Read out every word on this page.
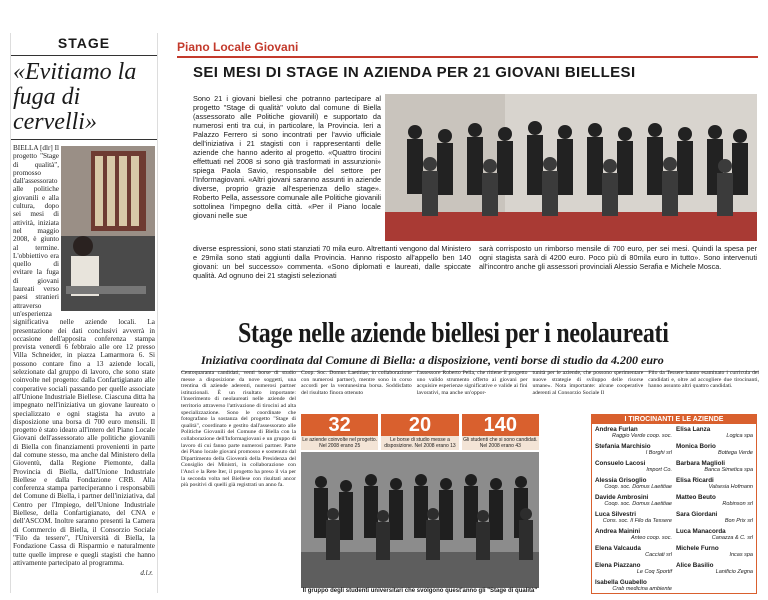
STAGE
«Evitiamo la fuga di cervelli»
BIELLA [dlr] Il progetto "Stage di qualità", promosso dall'assessorato alle politiche giovanili e alla cultura, dopo sei mesi di attività, iniziata nel maggio 2008, è giunto al termine. L'obbiettivo era quello di evitare la fuga di giovani laureati verso paesi stranieri attraverso un'esperienza significativa nelle aziende locali. La presentazione dei dati conclusivi avverrà in occasione dell'apposita conferenza stampa prevista venerdì 6 febbraio alle ore 12 presso Villa Schneider, in piazza Lamarmora 6. Si possono contare fino a 13 aziende locali, selezionate dal gruppo di lavoro, che sono state coinvolte nel progetto: dalla Confartigianato alle cooperative sociali passando per quelle associate all'Unione Industriale Biellese. Ciascuna ditta ha impegnato nell'iniziativa un giovane laureato o specializzato e ogni stagista ha avuto a disposizione una borsa di 700 euro mensili. Il progetto è stato ideato all'intero del Piano Locale Giovani dell'assessorato alle politiche giovanili di Biella con finanziamenti provenienti in parte dal comune stesso, ma anche dal Ministero della Gioventù, dalla Regione Piemonte, dalla Provincia di Biella, dall'Unione Industriale Biellese e dalla Fondazione CRB. Alla conferenza stampa parteciperanno i responsabili del Comune di Biella, i partner dell'iniziativa, dal Centro per l'Impiego, dell'Unione Industriale Biellese, della Confartigianato, del CNA e dell'ASCOM. Inoltre saranno presenti la Camera di Commercio di Biella, il Consorzio Sociale "Filo da tessere", l'Università di Biella, la Fondazione Cassa di Risparmio e naturalmente tutte quelle imprese e quegli stagisti che hanno attivamente partecipato al programma.
d.l.r.
Piano Locale Giovani
SEI MESI DI STAGE IN AZIENDA PER 21 GIOVANI BIELLESI
Sono 21 i giovani biellesi che potranno partecipare al progetto "Stage di qualità" voluto dal comune di Biella (assessorato alle Politiche giovanili) e supportato da numerosi enti tra cui, in particolare, la Provincia. Ieri a Palazzo Ferrero si sono incontrati per l'avvio ufficiale dell'iniziativa i 21 stagisti con i rappresentanti delle aziende che hanno aderito al progetto. «Quattro tirocini effettuati nel 2008 si sono già trasformati in assunzioni» spiega Paola Savio, responsabile del settore per l'Informagiovani. «Altri giovani saranno assunti in aziende diverse, proprio grazie all'esperienza dello stage». Roberto Pella, assessore comunale alle Politiche giovanili sottolinea l'impegno della città. «Per il Piano locale giovani nelle sue
diverse espressioni, sono stati stanziati 70 mila euro. Altrettanti vengono dal Ministero e 29mila sono stati aggiunti dalla Provincia. Hanno risposto all'appello ben 140 giovani: un bel successo» commenta. «Sono diplomati e laureati, dalle spiccate qualità. Ad ognuno dei 21 stagisti selezionati
sarà corrisposto un rimborso mensile di 700 euro, per sei mesi. Quindi la spesa per ogni stagista sarà di 4200 euro. Poco più di 80mila euro in tutto». Sono intervenuti all'incontro anche gli assessori provinciali Alessio Serafia e Michele Mosca.
Stage nelle aziende biellesi per i neolaureati
Iniziativa coordinata dal Comune di Biella: a disposizione, venti borse di studio da 4.200 euro
Centoquaranta candidati, venti borse di studio messe a disposizione da nove soggetti, una trentina di aziende aderenti, numerosi partner istituzionali. È un risultato importante: l'inserimento di neolaureati nelle aziende del territorio attraverso l'attivazione di tirocini ad alta specializzazione. Sono le coordinate che fotografano la sostanza del progetto "Stage di qualità", coordinato e gestito dall'assessorato alle Politiche Giovanili del Comune di Biella con la collaborazione dell'Informagiovani e un gruppo di lavoro di cui fanno parte numerosi partner. Parte dei Piano locale giovani promosso e sostenuto dal Dipartimento della Gioventù della Presidenza del Consiglio dei Ministri, in collaborazione con l'Anci e la Rete Iter, il progetto ha preso il via per la seconda volta nel Biellese con risultati ancor più positivi di quelli già registrati un anno fa.
Coop. Soc. Domus Laetitiae, in collaborazione con numerosi partner), mentre sono in corso accordi per la ventunesima borsa. Soddisfatto del risultato finora ottenuto
l'assessore Roberto Pella, che ritiene il progetto uno valido strumento offerto ai giovani per acquisire esperienze significative e valide ai fini lavorativi, ma anche un'oppor-
tunità per le aziende, che possono sperimentare nuove strategie di sviluppo delle risorse umane». Nota importante: alcune cooperative aderenti al Consorzio Sociale Il
Filo da Tessere hanno esaminato i curricula dei candidati e, oltre ad accogliere due tirocinanti, hanno assunto altri quattro candidati.
32
Le aziende coinvolte nel progetto. Nel 2008 erano 25
20
Le borse di studio messe a disposizione. Nel 2008 erano 13
140
Gli studenti che si sono candidati. Nel 2008 erano 43
Il gruppo degli studenti universitari che svolgono quest'anno gli "Stage di qualità"
I TIROCINANTI E LE AZIENDE
Andrea Furlan
Raggio Verde coop. soc.
Elisa Lanza
Logica spa
Stefania Marchisio
I Borghi srl
Monica Borio
Bottega Verde
Consuelo Lacosi
Import Co.
Barbara Maglioli
Banca Simetica spa
Alessia Grisoglio
Coop. soc. Domus Laetitiae
Elisa Ricardi
Valsesia Hofmann
Davide Ambrosini
Coop. soc. Domus Laetitiae
Matteo Beuto
Robinson srl
Luca Silvestri
Cons. soc. Il Filo da Tessere
Sara Giordani
Bon Prix srl
Andrea Mainini
Anteo coop. soc.
Luca Manacorda
Canazza & C. srl
Elena Valcauda
Cacciati srl
Michele Furno
Incas spa
Elena Piazzano
Le Coq Sportif
Alice Basilio
Lanificio Zegna
Isabella Guabello
Crab medicina ambiente
